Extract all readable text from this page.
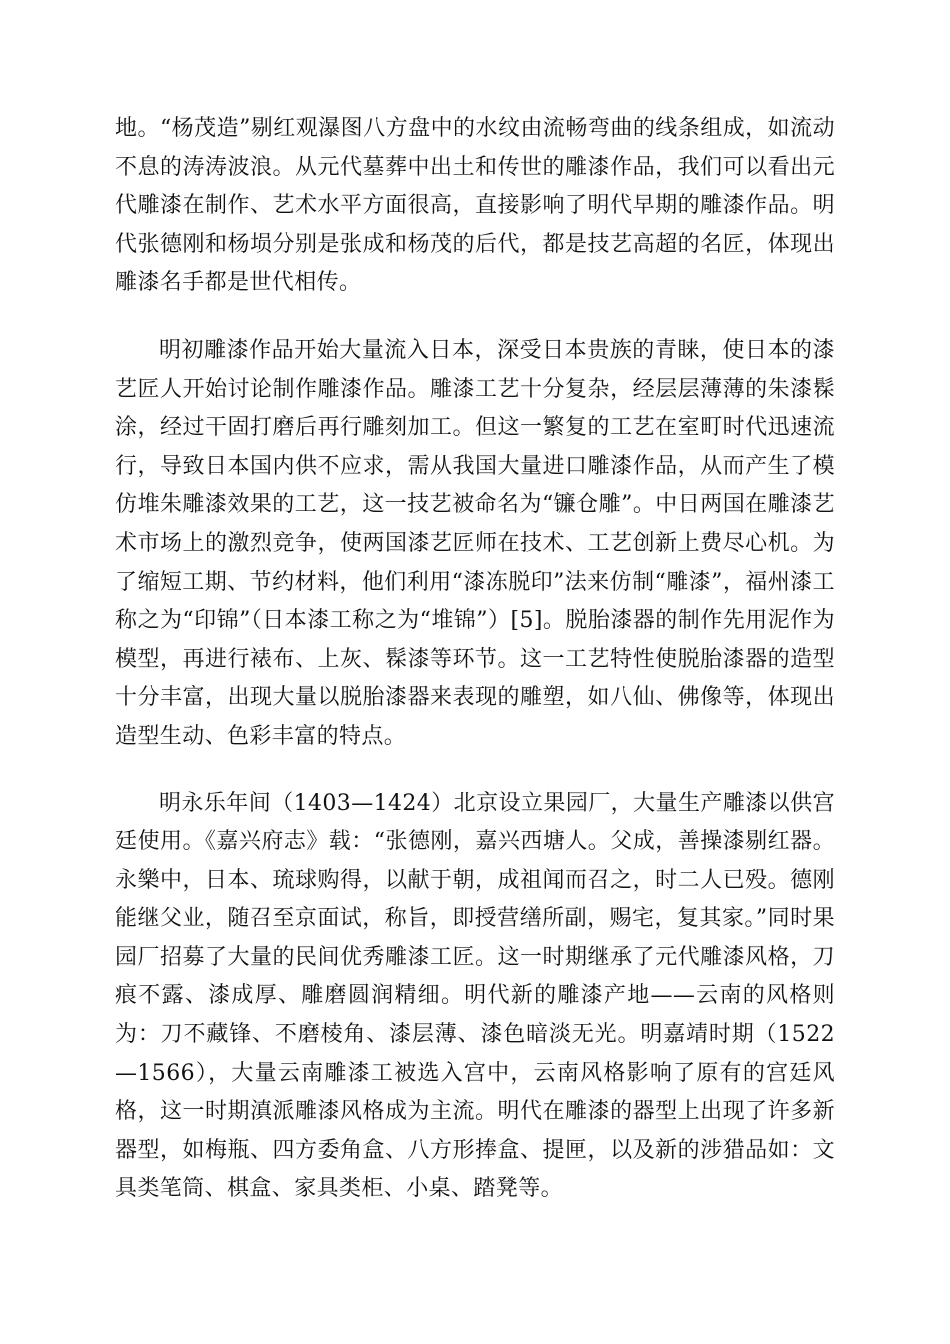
地。“杨茂造”剔红观瀑图八方盘中的水纹由流畅弯曲的线条组成，如流动不息的涛涛波浪。从元代墓葬中出土和传世的雕漆作品，我们可以看出元代雕漆在制作、艺术水平方面很高，直接影响了明代早期的雕漆作品。明代张德刚和杨埙分别是张成和杨茂的后代，都是技艺高超的名匠，体现出雕漆名手都是世代相传。

明初雕漆作品开始大量流入日本，深受日本贵族的青睐，使日本的漆艺匠人开始讨论制作雕漆作品。雕漆工艺十分复杂，经层层薄薄的朱漆髹涂，经过干固打磨后再行雕刻加工。但这一繁复的工艺在室町时代迅速流行，导致日本国内供不应求，需从我国大量进口雕漆作品，从而产生了模仿堆朱雕漆效果的工艺，这一技艺被命名为“镰仓雕”。中日两国在雕漆艺术市场上的激烈竞争，使两国漆艺匠师在技术、工艺创新上费尽心机。为了缩短工期、节约材料，他们利用“漆冻脱印”法来仿制“雕漆”，福州漆工称之为“印锦”（日本漆工称之为“堆锦”）[5]。脱胎漆器的制作先用泥作为模型，再进行裱布、上灰、髹漆等环节。这一工艺特性使脱胎漆器的造型十分丰富，出现大量以脱胎漆器来表现的雕塑，如八仙、佛像等，体现出造型生动、色彩丰富的特点。

明永乐年间（1403—1424）北京设立果园厂，大量生产雕漆以供宫廷使用。《嘉兴府志》载：“张德刚，嘉兴西塘人。父成，善操漆剔红器。永樂中，日本、琉球购得，以献于朝，成祖闻而召之，时二人已殁。德刚能继父业，随召至京面试，称旨，即授营缮所副，赐宅，复其家。”同时果园厂招募了大量的民间优秀雕漆工匠。这一时期继承了元代雕漆风格，刀痕不露、漆成厚、雕磨圆润精细。明代新的雕漆产地——云南的风格则为：刀不藏锋、不磨棱角、漆层薄、漆色暗淡无光。明嘉靖时期（1522—1566），大量云南雕漆工被选入宫中，云南风格影响了原有的宫廷风格，这一时期滇派雕漆风格成为主流。明代在雕漆的器型上出现了许多新器型，如梅瓶、四方委角盒、八方形捧盒、提匣，以及新的涉猎品如：文具类笔筒、棋盒、家具类柜、小桌、踏凳等。
